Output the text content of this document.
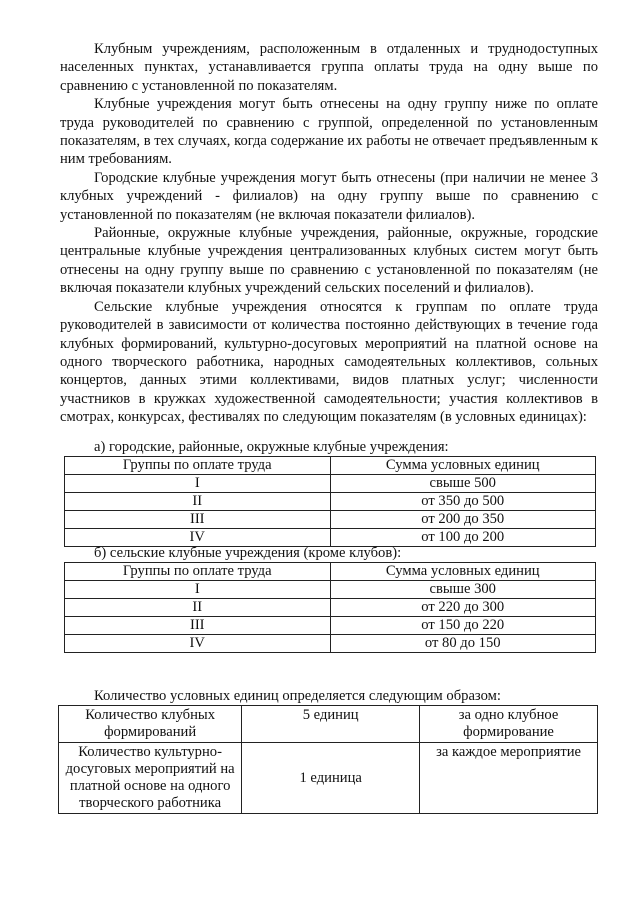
Клубным учреждениям, расположенным в отдаленных и труднодоступных населенных пунктах, устанавливается группа оплаты труда на одну выше по сравнению с установленной по показателям.

Клубные учреждения могут быть отнесены на одну группу ниже по оплате труда руководителей по сравнению с группой, определенной по установленным показателям, в тех случаях, когда содержание их работы не отвечает предъявленным к ним требованиям.

Городские клубные учреждения могут быть отнесены (при наличии не менее 3 клубных учреждений - филиалов) на одну группу выше по сравнению с установленной по показателям (не включая показатели филиалов).

Районные, окружные клубные учреждения, районные, окружные, городские центральные клубные учреждения централизованных клубных систем могут быть отнесены на одну группу выше по сравнению с установленной по показателям (не включая показатели клубных учреждений сельских поселений и филиалов).

Сельские клубные учреждения относятся к группам по оплате труда руководителей в зависимости от количества постоянно действующих в течение года клубных формирований, культурно-досуговых мероприятий на платной основе на одного творческого работника, народных самодеятельных коллективов, сольных концертов, данных этими коллективами, видов платных услуг; численности участников в кружках художественной самодеятельности; участия коллективов в смотрах, конкурсах, фестивалях по следующим показателям (в условных единицах):

а) городские, районные, окружные клубные учреждения:
Группы по оплате труда	Сумма условных единиц
I	свыше 500
II	от 350 до 500
III	от 200 до 350
IV	от 100 до 200
б) сельские клубные учреждения (кроме клубов):
Группы по оплате труда	Сумма условных единиц
I	свыше 300
II	от 220 до 300
III	от 150 до 220
IV	от 80 до 150
Количество условных единиц определяется следующим образом:
Количество клубных формирований	5 единиц	за одно клубное формирование
Количество культурно-досуговых мероприятий на платной основе на одного творческого работника	1 единица	за каждое мероприятие
